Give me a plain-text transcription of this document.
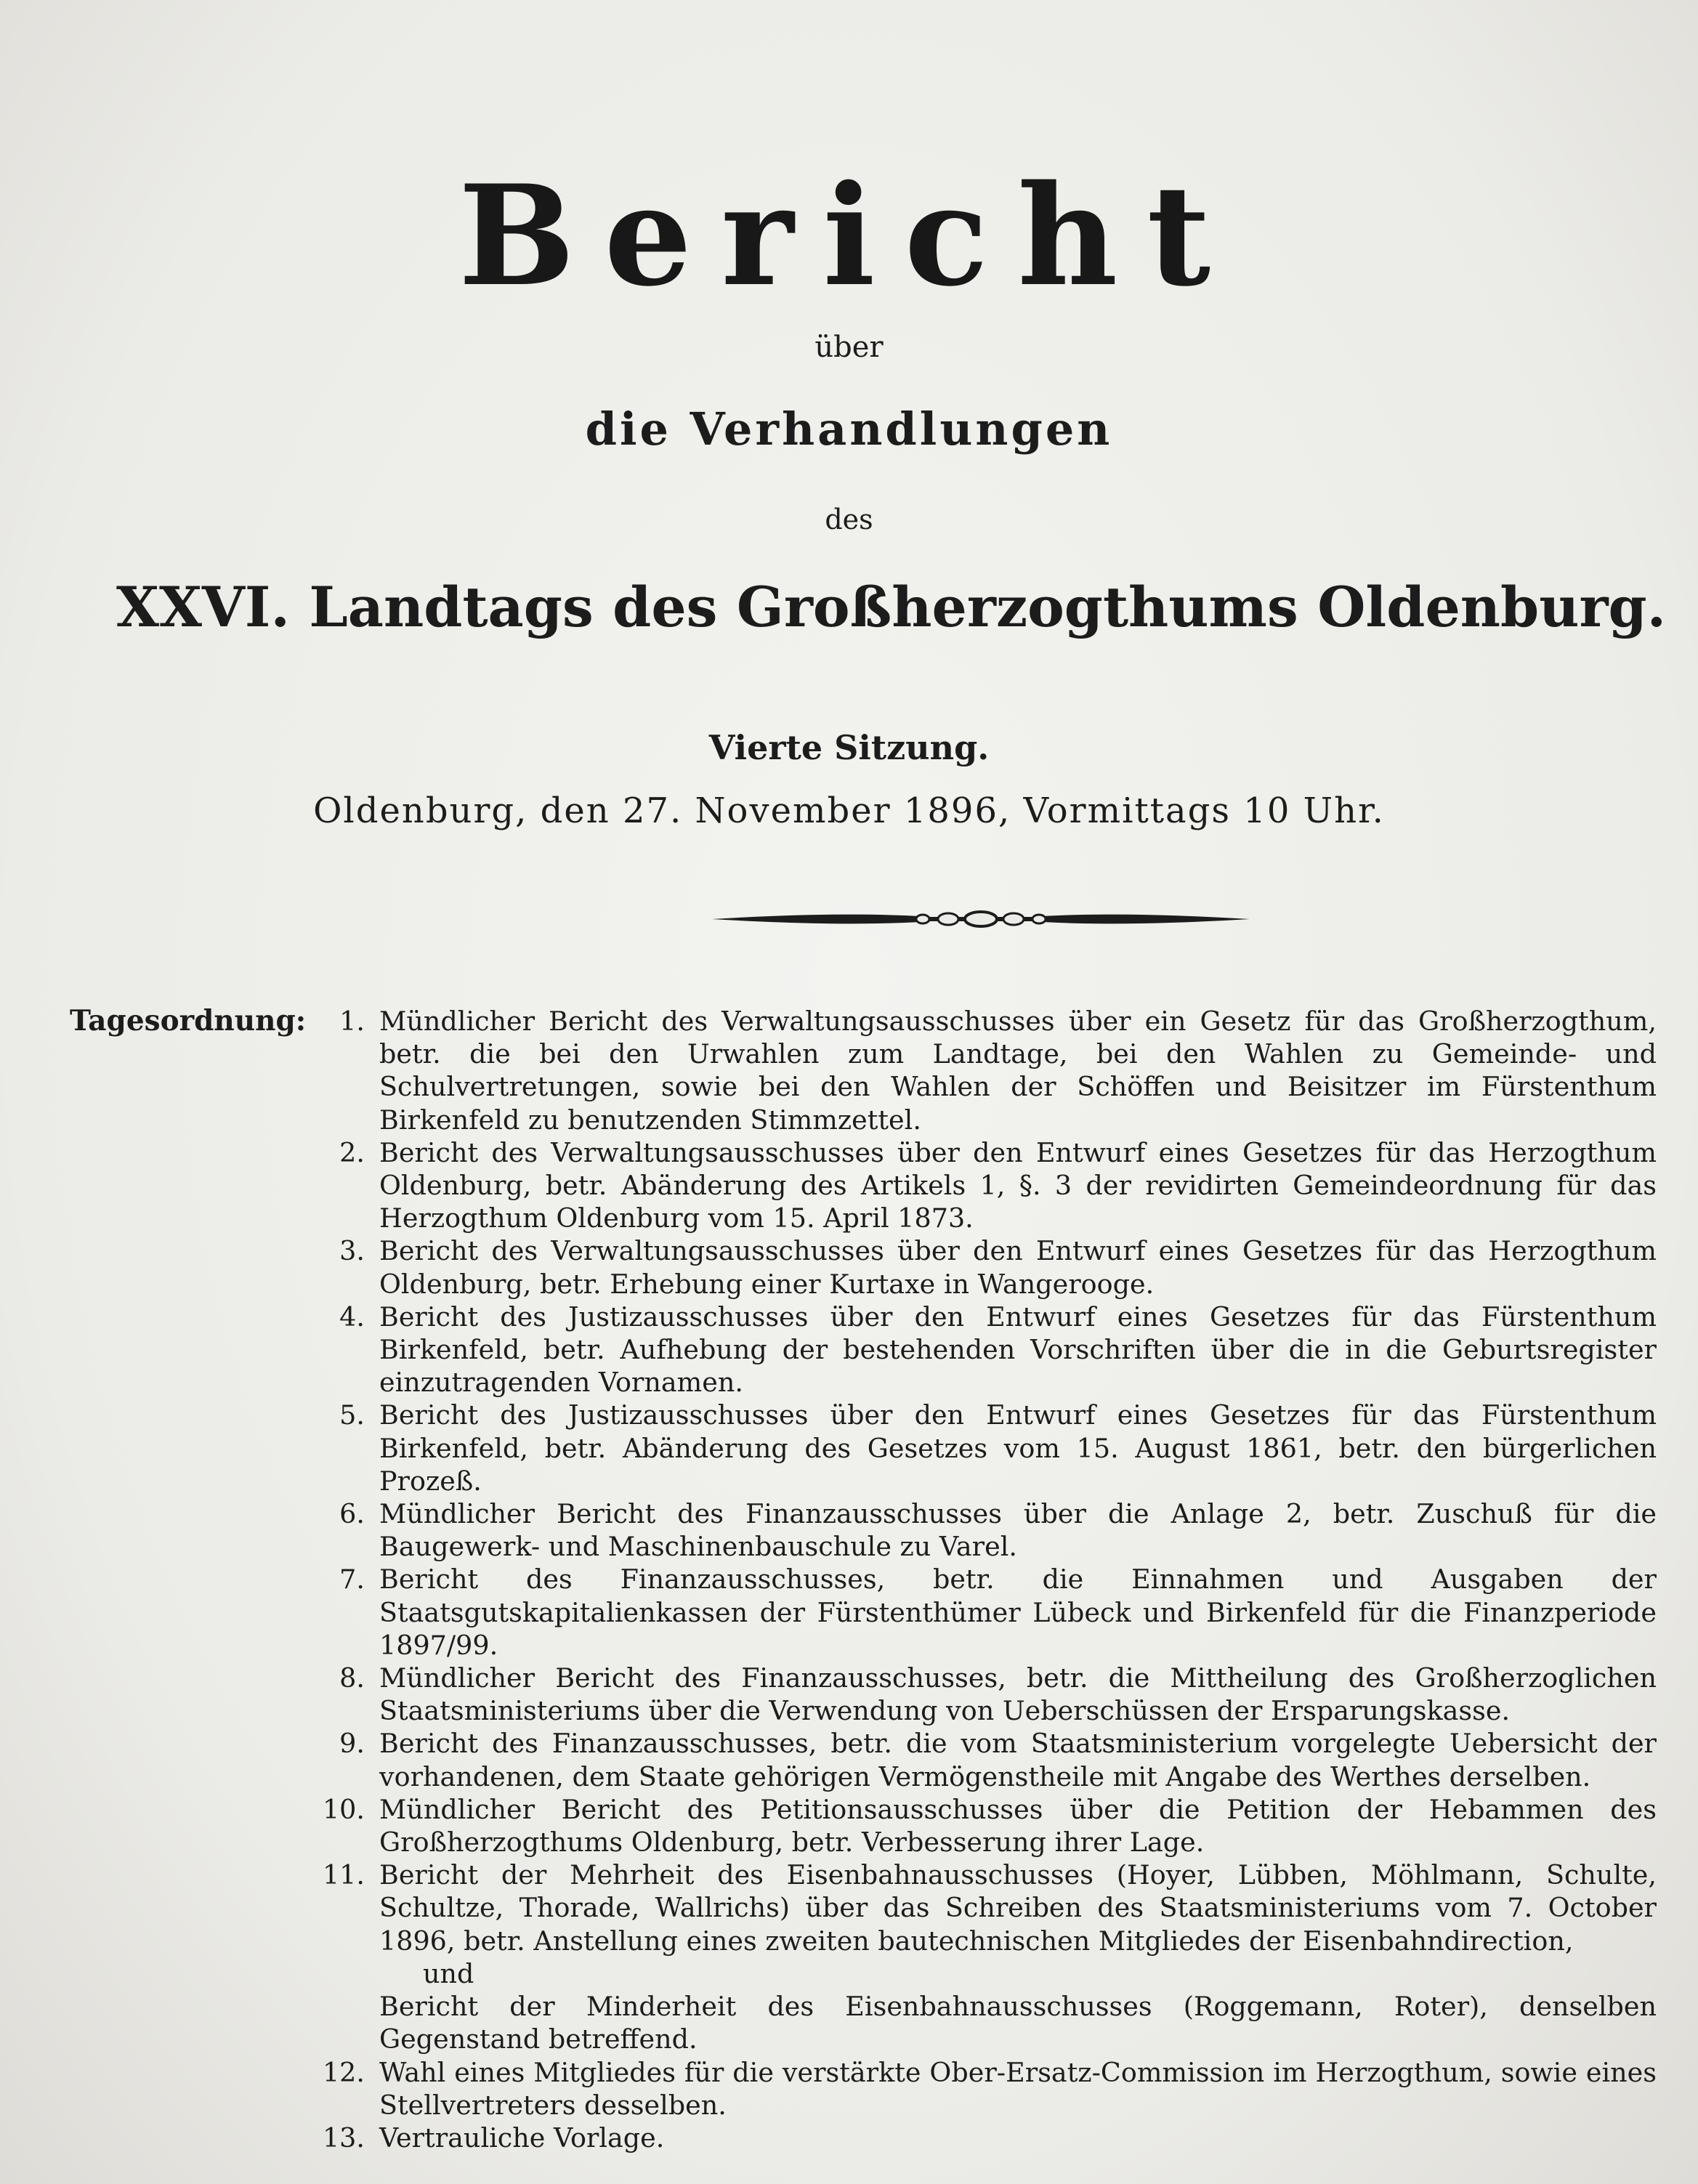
Bericht
über
die Verhandlungen
des
XXVI. Landtags des Großherzogthums Oldenburg.
Vierte Sitzung.
Oldenburg, den 27. November 1896, Vormittags 10 Uhr.
Tagesordnung:	1. Mündlicher Bericht des Verwaltungsausschusses über ein Gesetz für das Großherzogthum, betr. die bei den Urwahlen zum Landtage, bei den Wahlen zu Gemeinde- und Schulvertretungen, sowie bei den Wahlen der Schöffen und Beisitzer im Fürstenthum Birkenfeld zu benutzenden Stimmzettel.
2. Bericht des Verwaltungsausschusses über den Entwurf eines Gesetzes für das Herzogthum Oldenburg, betr. Abänderung des Artikels 1, §. 3 der revidirten Gemeindeordnung für das Herzogthum Oldenburg vom 15. April 1873.
3. Bericht des Verwaltungsausschusses über den Entwurf eines Gesetzes für das Herzogthum Oldenburg, betr. Erhebung einer Kurtaxe in Wangerooge.
4. Bericht des Justizausschusses über den Entwurf eines Gesetzes für das Fürstenthum Birkenfeld, betr. Aufhebung der bestehenden Vorschriften über die in die Geburtsregister einzutragenden Vornamen.
5. Bericht des Justizausschusses über den Entwurf eines Gesetzes für das Fürstenthum Birkenfeld, betr. Abänderung des Gesetzes vom 15. August 1861, betr. den bürgerlichen Prozeß.
6. Mündlicher Bericht des Finanzausschusses über die Anlage 2, betr. Zuschuß für die Baugewerk- und Maschinenbauschule zu Varel.
7. Bericht des Finanzausschusses, betr. die Einnahmen und Ausgaben der Staatsgutskapitalienkassen der Fürstenthümer Lübeck und Birkenfeld für die Finanzperiode 1897/99.
8. Mündlicher Bericht des Finanzausschusses, betr. die Mittheilung des Großherzoglichen Staatsministeriums über die Verwendung von Ueberschüssen der Ersparungskasse.
9. Bericht des Finanzausschusses, betr. die vom Staatsministerium vorgelegte Uebersicht der vorhandenen, dem Staate gehörigen Vermögenstheile mit Angabe des Werthes derselben.
10. Mündlicher Bericht des Petitionsausschusses über die Petition der Hebammen des Großherzogthums Oldenburg, betr. Verbesserung ihrer Lage.
11. Bericht der Mehrheit des Eisenbahnausschusses (Hoyer, Lübben, Möhlmann, Schulte, Schultze, Thorade, Wallrichs) über das Schreiben des Staatsministeriums vom 7. October 1896, betr. Anstellung eines zweiten bautechnischen Mitgliedes der Eisenbahndirection,
und
Bericht der Minderheit des Eisenbahnausschusses (Roggemann, Roter), denselben Gegenstand betreffend.
12. Wahl eines Mitgliedes für die verstärkte Ober-Ersatz-Commission im Herzogthum, sowie eines Stellvertreters desselben.
13. Vertrauliche Vorlage.
